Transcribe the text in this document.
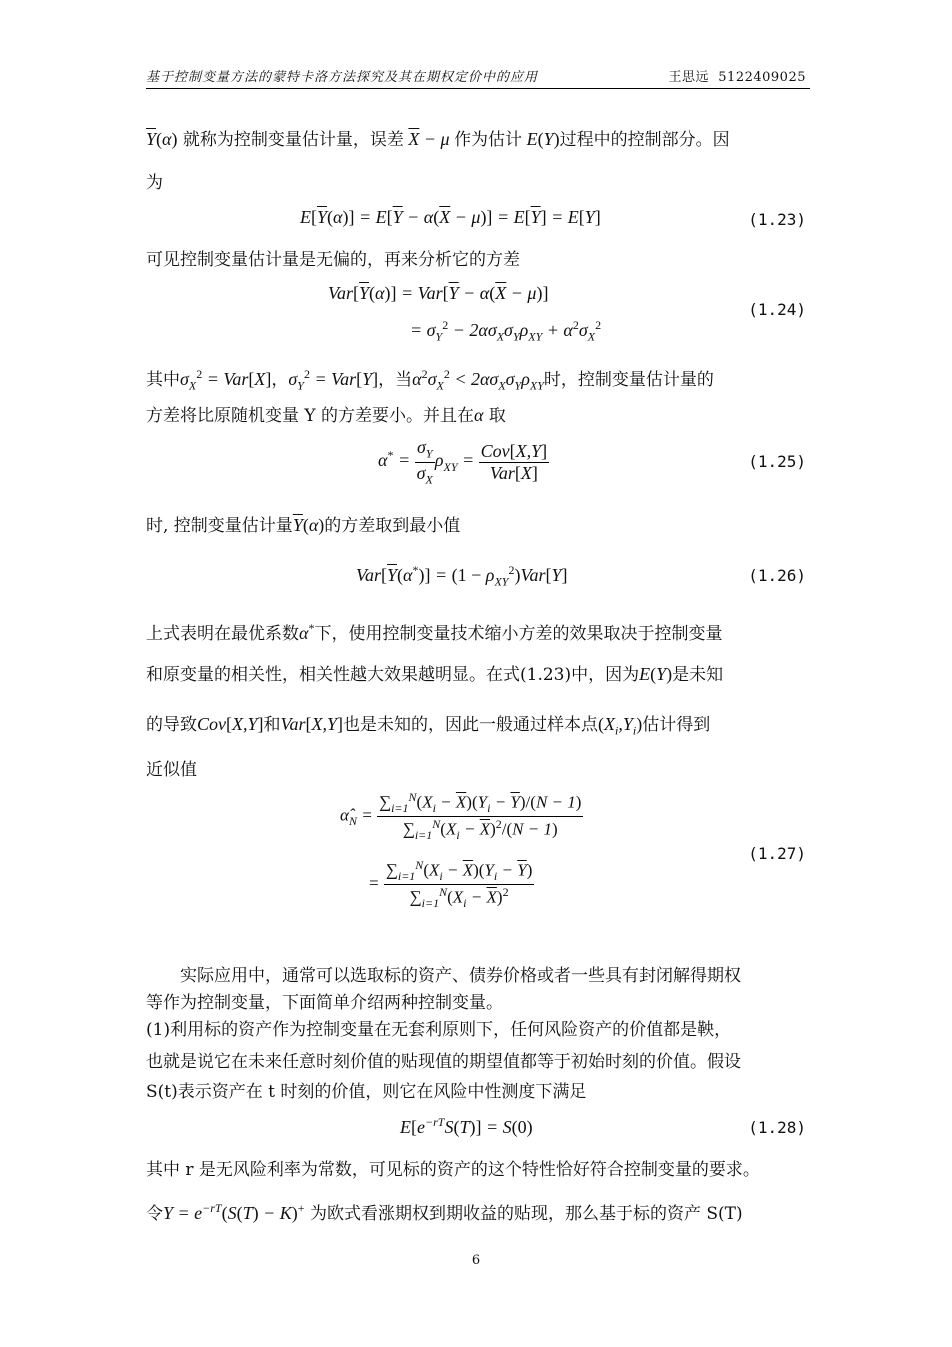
基于控制变量方法的蒙特卡洛方法探究及其在期权定价中的应用	王思远 5122409025
$\overline{Y}(\alpha)$ 就称为控制变量估计量，误差 $\overline{X} - \mu$ 作为估计 E(Y)过程中的控制部分。因
为
$E[\overline{Y}(\alpha)] = E[\overline{Y} - \alpha(\overline{X} - \mu)] = E[\overline{Y}] = E[Y]$	(1.23)
可见控制变量估计量是无偏的，再来分析它的方差
$Var[\overline{Y}(\alpha)] = Var[\overline{Y} - \alpha(\overline{X} - \mu)]$
= $\sigma_Y^2 - 2\alpha\sigma_X\sigma_Y\rho_{XY} + \alpha^2\sigma_X^2$
(1.24)
其中$\sigma_X^2 = Var[X]$，$\sigma_Y^2 = Var[Y]$，当$\alpha^2\sigma_X^2 < 2\alpha\sigma_X\sigma_Y\rho_{XY}$时，控制变量估计量的
方差将比原随机变量 Y 的方差要小。并且在α 取
$\alpha^* = \frac{\sigma_Y}{\sigma_X} \rho_{XY} = \frac{\text{Cov[X,Y]}}{\text{Var[X]}}$	(1.25)
时, 控制变量估计量$\overline{Y}(\alpha)$的方差取到最小值
$Var[\overline{Y}(\alpha^*)] = (1 - \rho_{XY}^2)Var[Y]$	(1.26)
上式表明在最优系数α*下，使用控制变量技术缩小方差的效果取决于控制变量
和原变量的相关性，相关性越大效果越明显。在式(1.23)中，因为E(Y)是未知
的导致Cov[X,Y]和Var[X,Y]也是未知的，因此一般通过样本点$(X_i,Y_i)$估计得到
近似值
$\alphâ_N = \frac{\sum_{i=1}^N(X_i - \overline{X})(Y_i - \overline{Y})/(N - 1)}{\sum_{i=1}^N(X_i - \overline{X})^2/(N - 1)}$
= $\frac{\sum_{i=1}^N(X_i - \overline{X})(Y_i - \overline{Y})}{\sum_{i=1}^N(X_i - \overline{X})^2}$
(1.27)
实际应用中，通常可以选取标的资产、债券价格或者一些具有封闭解得期权
等作为控制变量，下面简单介绍两种控制变量。
(1)利用标的资产作为控制变量在无套利原则下，任何风险资产的价值都是鞅，
也就是说它在未来任意时刻价值的贴现值的期望值都等于初始时刻的价值。假设
S(t)表示资产在 t 时刻的价值，则它在风险中性测度下满足
$E[e^{-rT}S(T)] = S(0)$	(1.28)
其中 r 是无风险利率为常数，可见标的资产的这个特性恰好符合控制变量的要求。
令$Y = e^{-rT}(S(T) - K)^+$ 为欧式看涨期权到期收益的贴现，那么基于标的资产 S(T)
6
